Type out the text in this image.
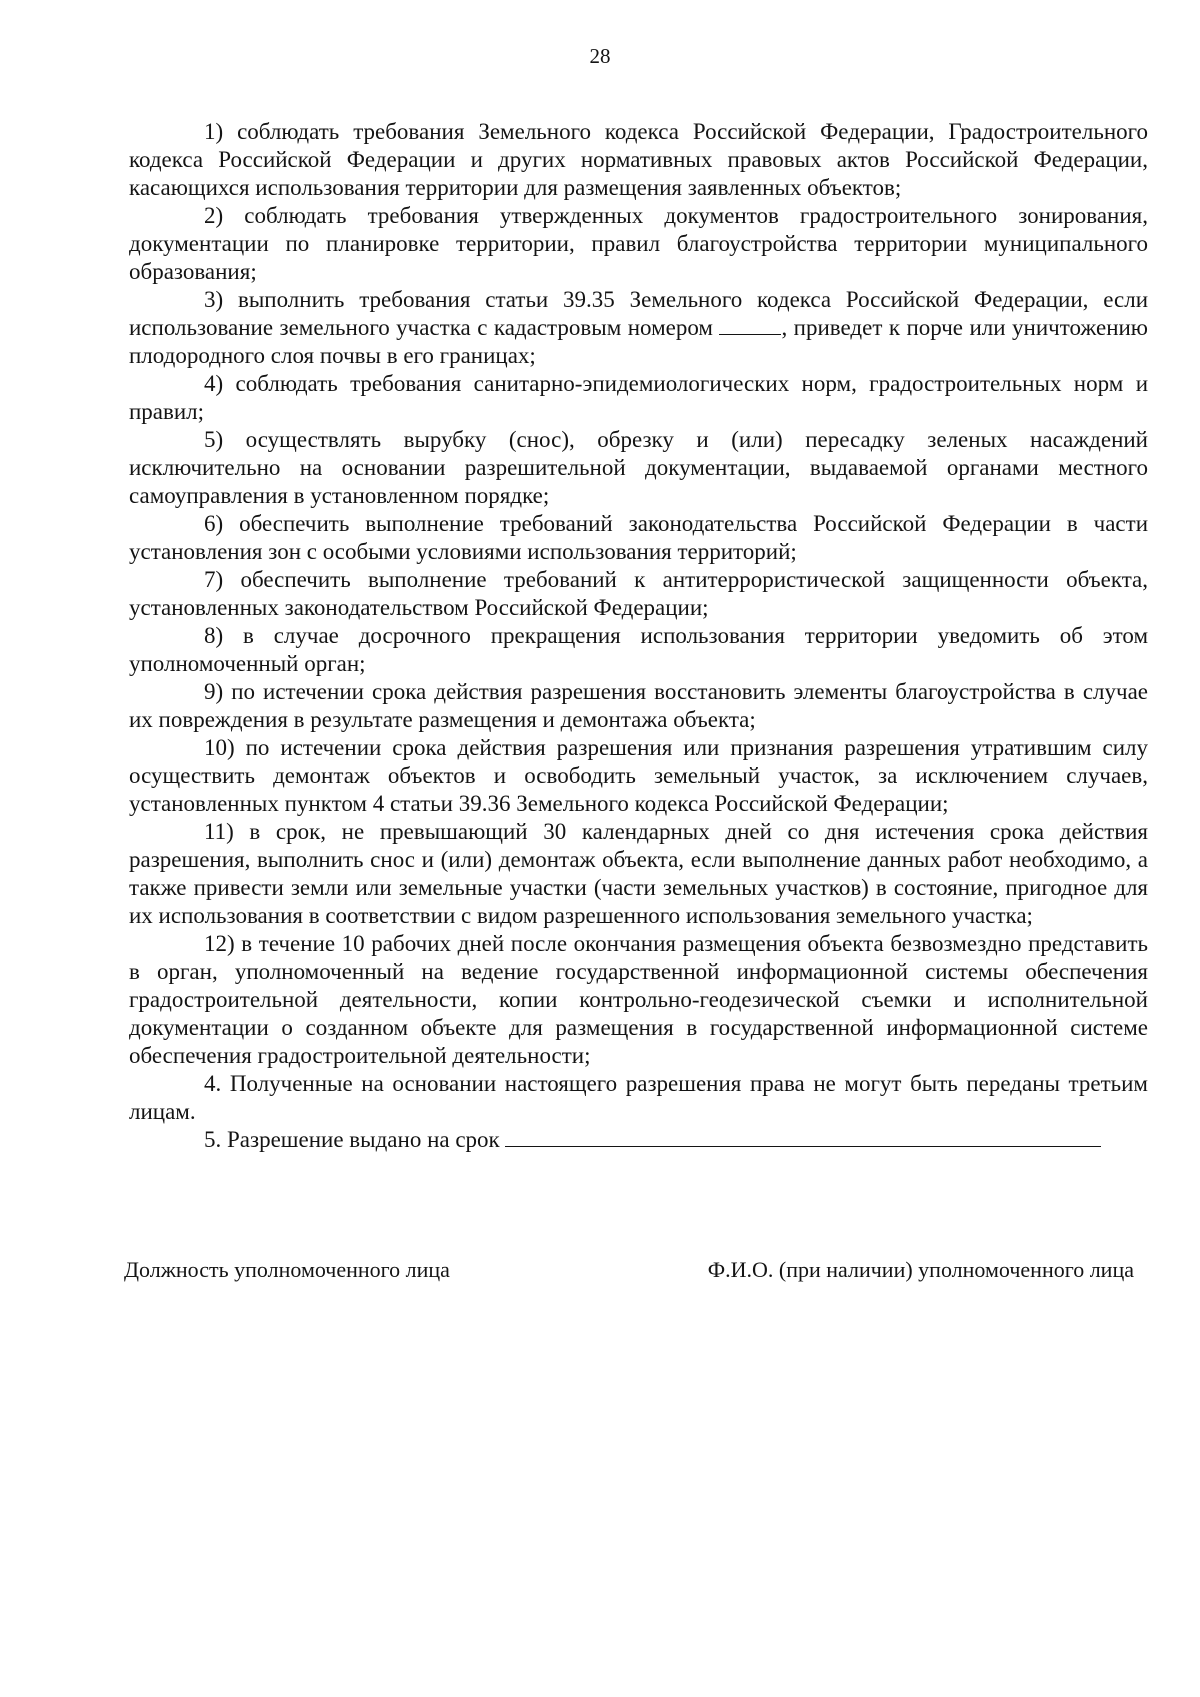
28

1) соблюдать требования Земельного кодекса Российской Федерации, Градостроительного кодекса Российской Федерации и других нормативных правовых актов Российской Федерации, касающихся использования территории для размещения заявленных объектов;

2) соблюдать требования утвержденных документов градостроительного зонирования, документации по планировке территории, правил благоустройства территории муниципального образования;

3) выполнить требования статьи 39.35 Земельного кодекса Российской Федерации, если использование земельного участка с кадастровым номером	, приведет к порче или уничтожению плодородного слоя почвы в его границах;

4) соблюдать требования санитарно-эпидемиологических норм, градостроительных норм и правил;

5) осуществлять вырубку (снос), обрезку и (или) пересадку зеленых насаждений исключительно на основании разрешительной документации, выдаваемой органами местного самоуправления в установленном порядке;

6) обеспечить выполнение требований законодательства Российской Федерации в части установления зон с особыми условиями использования территорий;

7) обеспечить выполнение требований к антитеррористической защищенности объекта, установленных законодательством Российской Федерации;

8) в случае досрочного прекращения использования территории уведомить об этом уполномоченный орган;

9) по истечении срока действия разрешения восстановить элементы благоустройства в случае их повреждения в результате размещения и демонтажа объекта;

10) по истечении срока действия разрешения или признания разрешения утратившим силу осуществить демонтаж объектов и освободить земельный участок, за исключением случаев, установленных пунктом 4 статьи 39.36 Земельного кодекса Российской Федерации;

11) в срок, не превышающий 30 календарных дней со дня истечения срока действия разрешения, выполнить снос и (или) демонтаж объекта, если выполнение данных работ необходимо, а также привести земли или земельные участки (части земельных участков) в состояние, пригодное для их использования в соответствии с видом разрешенного использования земельного участка;

12) в течение 10 рабочих дней после окончания размещения объекта безвозмездно представить в орган, уполномоченный на ведение государственной информационной системы обеспечения градостроительной деятельности, копии контрольно-геодезической съемки и исполнительной документации о созданном объекте для размещения в государственной информационной системе обеспечения градостроительной деятельности;

4. Полученные на основании настоящего разрешения права не могут быть переданы третьим лицам.

5. Разрешение выдано на срок

Должность уполномоченного лица	Ф.И.О. (при наличии) уполномоченного лица
